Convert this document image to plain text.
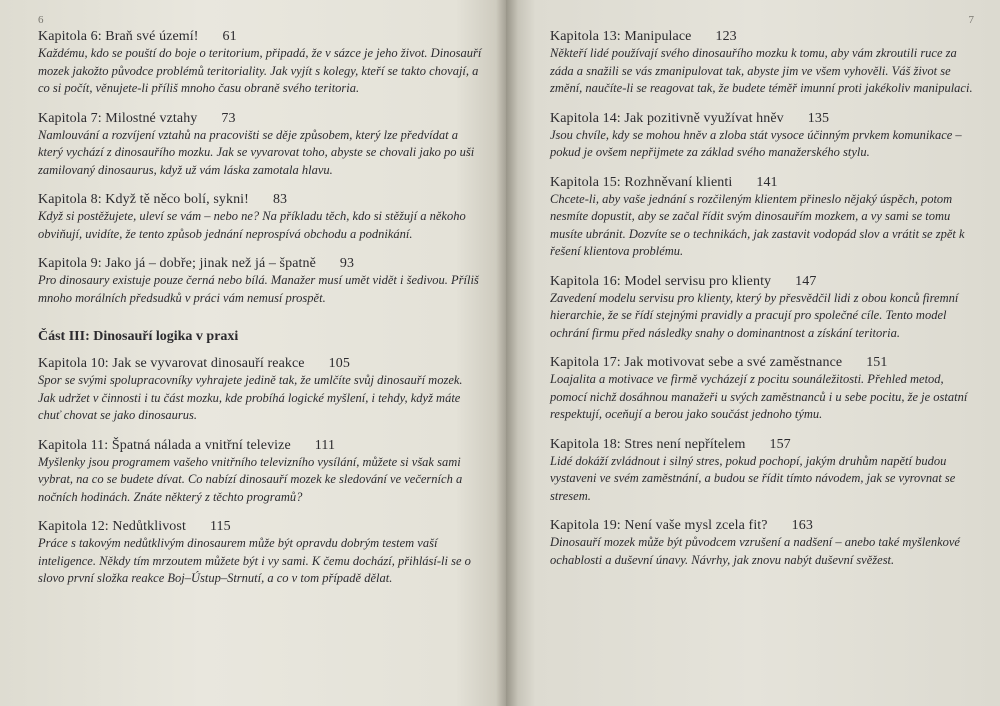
6
Kapitola 6: Braň své území! 61
Každému, kdo se pouští do boje o teritorium, připadá, že v sázce je jeho život. Dinosauří mozek jakožto původce problémů teritoriality. Jak vyjít s kolegy, kteří se takto chovají, a co si počít, věnujete-li příliš mnoho času obraně svého teritoria.
Kapitola 7: Milostné vztahy 73
Namlouvání a rozvíjení vztahů na pracovišti se děje způsobem, který lze předvídat a který vychází z dinosauřího mozku. Jak se vyvarovat toho, abyste se chovali jako po uši zamilovaný dinosaurus, když už vám láska zamotala hlavu.
Kapitola 8: Když tě něco bolí, sykni! 83
Když si postěžujete, uleví se vám – nebo ne? Na příkladu těch, kdo si stěžují a někoho obviňují, uvidíte, že tento způsob jednání neprospívá obchodu a podnikání.
Kapitola 9: Jako já – dobře; jinak než já – špatně 93
Pro dinosaury existuje pouze černá nebo bílá. Manažer musí umět vidět i šedivou. Příliš mnoho morálních předsudků v práci vám nemusí prospět.
Část III: Dinosauří logika v praxi
Kapitola 10: Jak se vyvarovat dinosauří reakce 105
Spor se svými spolupracovníky vyhrajete jedině tak, že umlčíte svůj dinosauří mozek. Jak udržet v činnosti i tu část mozku, kde probíhá logické myšlení, i tehdy, když máte chuť chovat se jako dinosaurus.
Kapitola 11: Špatná nálada a vnitřní televize 111
Myšlenky jsou programem vašeho vnitřního televizního vysílání, můžete si však sami vybrat, na co se budete dívat. Co nabízí dinosauří mozek ke sledování ve večerních a nočních hodinách. Znáte některý z těchto programů?
Kapitola 12: Nedůtklivost 115
Práce s takovým nedůtklivým dinosaurem může být opravdu dobrým testem vaší inteligence. Někdy tím mrzoutem můžete být i vy sami. K čemu dochází, přihlásí-li se o slovo první složka reakce Boj–Ústup–Strnutí, a co v tom případě dělat.
7
Kapitola 13: Manipulace 123
Někteří lidé používají svého dinosauřího mozku k tomu, aby vám zkroutili ruce za záda a snažili se vás zmanipulovat tak, abyste jim ve všem vyhověli. Váš život se změní, naučíte-li se reagovat tak, že budete téměř imunní proti jakékoliv manipulaci.
Kapitola 14: Jak pozitivně využívat hněv 135
Jsou chvíle, kdy se mohou hněv a zloba stát vysoce účinným prvkem komunikace – pokud je ovšem nepřijmete za základ svého manažerského stylu.
Kapitola 15: Rozhněvaní klienti 141
Chcete-li, aby vaše jednání s rozčileným klientem přineslo nějaký úspěch, potom nesmíte dopustit, aby se začal řídit svým dinosauřím mozkem, a vy sami se tomu musíte ubránit. Dozvíte se o technikách, jak zastavit vodopád slov a vrátit se zpět k řešení klientova problému.
Kapitola 16: Model servisu pro klienty 147
Zavedení modelu servisu pro klienty, který by přesvědčil lidi z obou konců firemní hierarchie, že se řídí stejnými pravidly a pracují pro společné cíle. Tento model ochrání firmu před následky snahy o dominantnost a získání teritoria.
Kapitola 17: Jak motivovat sebe a své zaměstnance 151
Loajalita a motivace ve firmě vycházejí z pocitu sounáležitosti. Přehled metod, pomocí nichž dosáhnou manažeři u svých zaměstnanců i u sebe pocitu, že je ostatní respektují, oceňují a berou jako součást jednoho týmu.
Kapitola 18: Stres není nepřítelem 157
Lidé dokáží zvládnout i silný stres, pokud pochopí, jakým druhům napětí budou vystaveni ve svém zaměstnání, a budou se řídit tímto návodem, jak se vyrovnat se stresem.
Kapitola 19: Není vaše mysl zcela fit? 163
Dinosauří mozek může být původcem vzrušení a nadšení – anebo také myšlenkové ochablosti a duševní únavy. Návrhy, jak znovu nabýt duševní svěžest.
